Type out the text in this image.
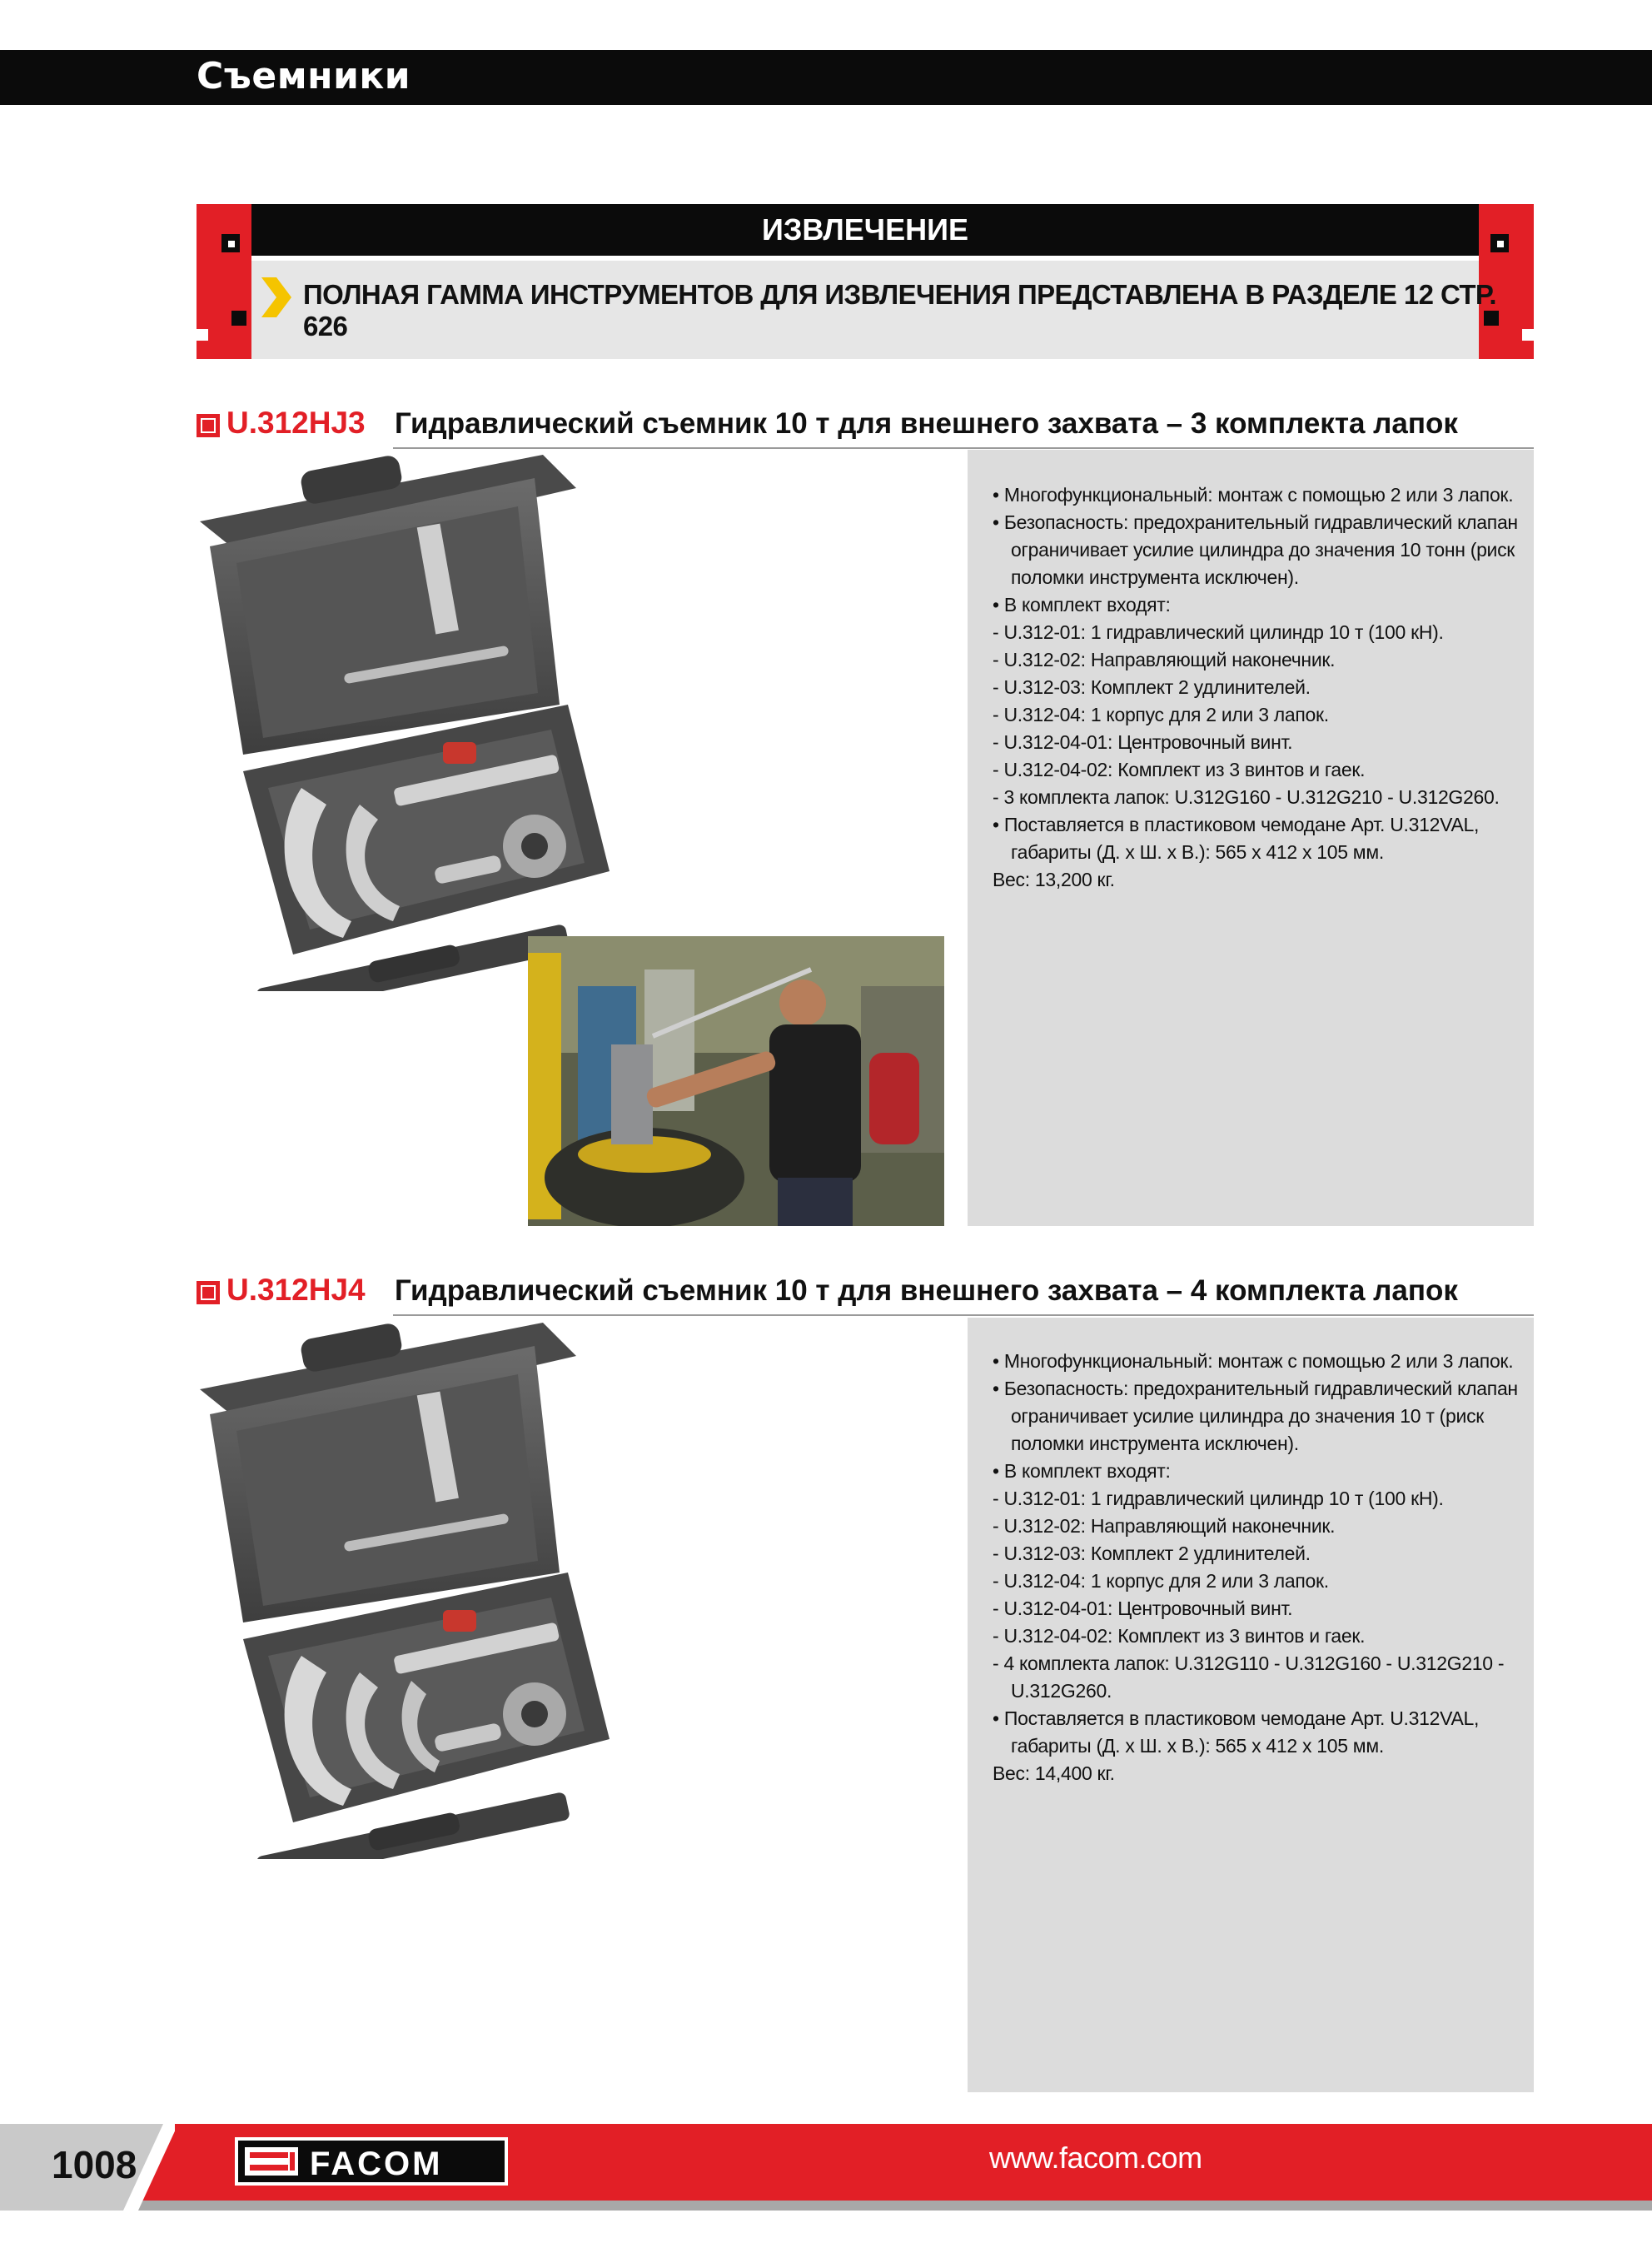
Съемники
ИЗВЛЕЧЕНИЕ
ПОЛНАЯ ГАММА ИНСТРУМЕНТОВ ДЛЯ ИЗВЛЕЧЕНИЯ ПРЕДСТАВЛЕНА В РАЗДЕЛЕ 12 СТР. 626
U.312HJ3 Гидравлический съемник 10 т для внешнего захвата – 3 комплекта лапок
• Многофункциональный: монтаж с помощью 2 или 3 лапок.
• Безопасность: предохранительный гидравлический клапан
ограничивает усилие цилиндра до значения 10 тонн (риск
поломки инструмента исключен).
• В комплект входят:
- U.312-01: 1 гидравлический цилиндр 10 т (100 кН).
- U.312-02: Направляющий наконечник.
- U.312-03: Комплект 2 удлинителей.
- U.312-04: 1 корпус для 2 или 3 лапок.
- U.312-04-01: Центровочный винт.
- U.312-04-02: Комплект из 3 винтов и гаек.
- 3 комплекта лапок: U.312G160 - U.312G210 - U.312G260.
• Поставляется в пластиковом чемодане Арт. U.312VAL,
габариты (Д. х Ш. х В.): 565 x 412 x 105 мм.
Вес: 13,200 кг.
U.312HJ4 Гидравлический съемник 10 т для внешнего захвата – 4 комплекта лапок
• Многофункциональный: монтаж с помощью 2 или 3 лапок.
• Безопасность: предохранительный гидравлический клапан
ограничивает усилие цилиндра до значения 10 т (риск
поломки инструмента исключен).
• В комплект входят:
- U.312-01: 1 гидравлический цилиндр 10 т (100 кН).
- U.312-02: Направляющий наконечник.
- U.312-03: Комплект 2 удлинителей.
- U.312-04: 1 корпус для 2 или 3 лапок.
- U.312-04-01: Центровочный винт.
- U.312-04-02: Комплект из 3 винтов и гаек.
- 4 комплекта лапок: U.312G110 - U.312G160 - U.312G210 -
U.312G260.
• Поставляется в пластиковом чемодане Арт. U.312VAL,
габариты (Д. х Ш. х В.): 565 x 412 x 105 мм.
Вес: 14,400 кг.
1008	FACOM	www.facom.com
